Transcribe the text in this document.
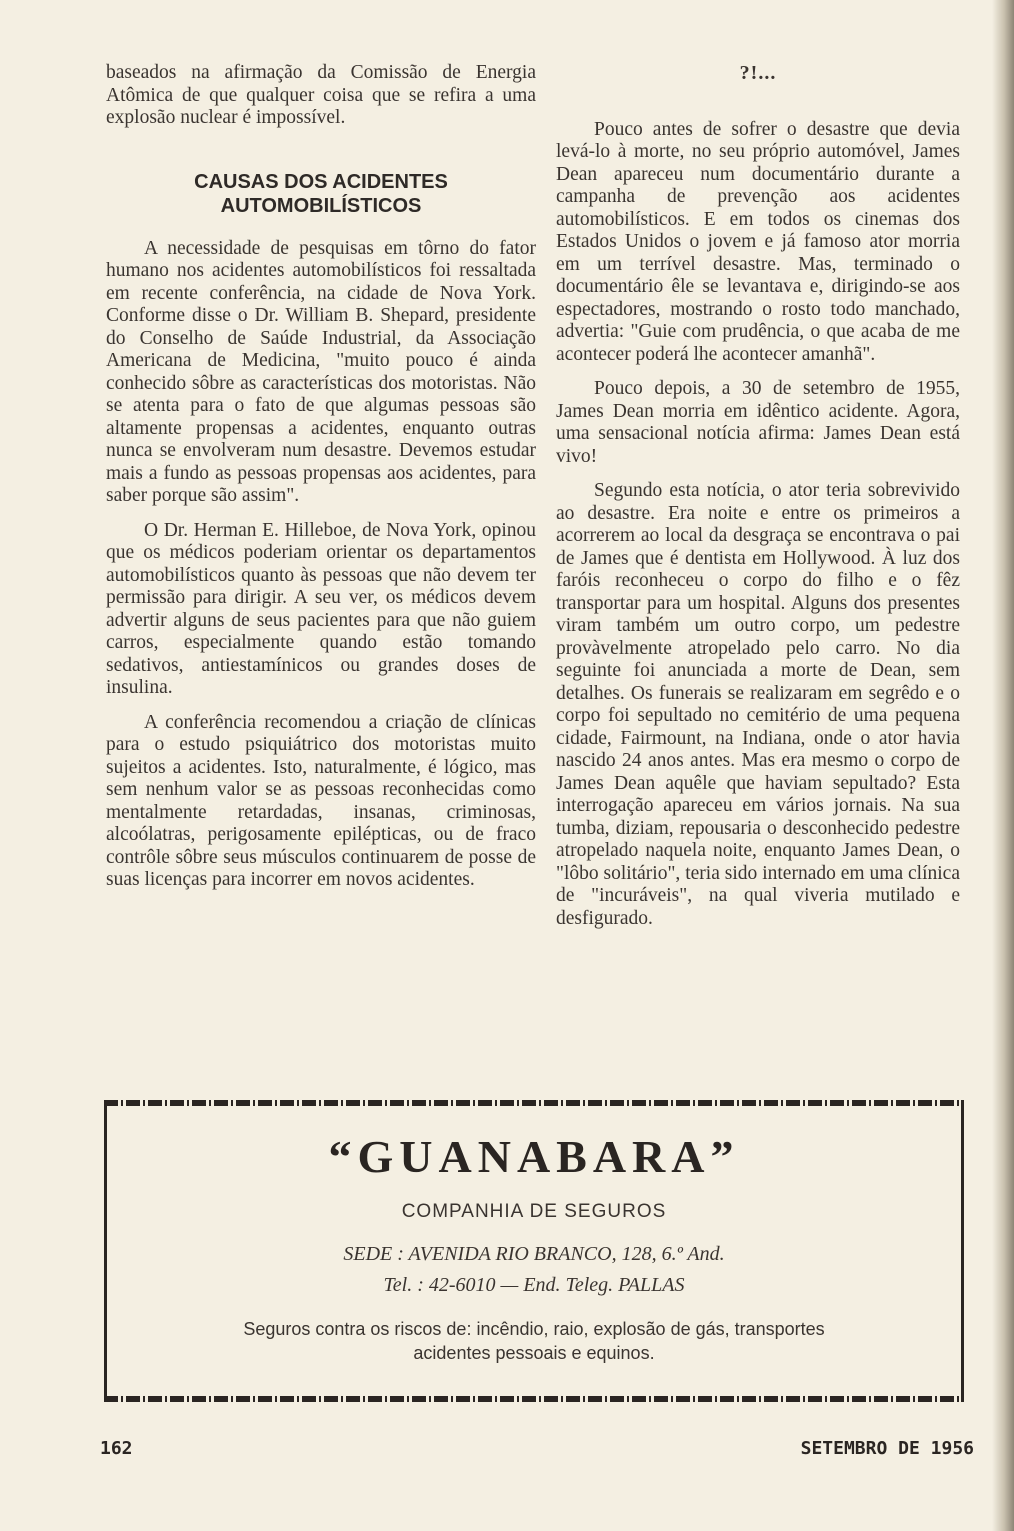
baseados na afirmação da Comissão de Energia Atômica de que qualquer coisa que se refira a uma explosão nuclear é impossível.

CAUSAS DOS ACIDENTES AUTOMOBILÍSTICOS

A necessidade de pesquisas em tôrno do fator humano nos acidentes automobilísticos foi ressaltada em recente conferência, na cidade de Nova York. Conforme disse o Dr. William B. Shepard, presidente do Conselho de Saúde Industrial, da Associação Americana de Medicina, "muito pouco é ainda conhecido sôbre as características dos motoristas. Não se atenta para o fato de que algumas pessoas são altamente propensas a acidentes, enquanto outras nunca se envolveram num desastre. Devemos estudar mais a fundo as pessoas propensas aos acidentes, para saber porque são assim".

O Dr. Herman E. Hilleboe, de Nova York, opinou que os médicos poderiam orientar os departamentos automobilísticos quanto às pessoas que não devem ter permissão para dirigir. A seu ver, os médicos devem advertir alguns de seus pacientes para que não guiem carros, especialmente quando estão tomando sedativos, antiestamínicos ou grandes doses de insulina.

A conferência recomendou a criação de clínicas para o estudo psiquiátrico dos motoristas muito sujeitos a acidentes. Isto, naturalmente, é lógico, mas sem nenhum valor se as pessoas reconhecidas como mentalmente retardadas, insanas, criminosas, alcoólatras, perigosamente epilépticas, ou de fraco contrôle sôbre seus músculos continuarem de posse de suas licenças para incorrer em novos acidentes.

?!...

Pouco antes de sofrer o desastre que devia levá-lo à morte, no seu próprio automóvel, James Dean apareceu num documentário durante a campanha de prevenção aos acidentes automobilísticos. E em todos os cinemas dos Estados Unidos o jovem e já famoso ator morria em um terrível desastre. Mas, terminado o documentário êle se levantava e, dirigindo-se aos espectadores, mostrando o rosto todo manchado, advertia: "Guie com prudência, o que acaba de me acontecer poderá lhe acontecer amanhã".

Pouco depois, a 30 de setembro de 1955, James Dean morria em idêntico acidente. Agora, uma sensacional notícia afirma: James Dean está vivo!

Segundo esta notícia, o ator teria sobrevivido ao desastre. Era noite e entre os primeiros a acorrerem ao local da desgraça se encontrava o pai de James que é dentista em Hollywood. À luz dos faróis reconheceu o corpo do filho e o fêz transportar para um hospital. Alguns dos presentes viram também um outro corpo, um pedestre provàvelmente atropelado pelo carro. No dia seguinte foi anunciada a morte de Dean, sem detalhes. Os funerais se realizaram em segrêdo e o corpo foi sepultado no cemitério de uma pequena cidade, Fairmount, na Indiana, onde o ator havia nascido 24 anos antes. Mas era mesmo o corpo de James Dean aquêle que haviam sepultado? Esta interrogação apareceu em vários jornais. Na sua tumba, diziam, repousaria o desconhecido pedestre atropelado naquela noite, enquanto James Dean, o "lôbo solitário", teria sido internado em uma clínica de "incuráveis", na qual viveria mutilado e desfigurado.

“GUANABARA”
COMPANHIA DE SEGUROS
SEDE : AVENIDA RIO BRANCO, 128, 6.º And.
Tel. : 42-6010 — End. Teleg. PALLAS
Seguros contra os riscos de: incêndio, raio, explosão de gás, transportes
acidentes pessoais e equinos.
162	SETEMBRO DE 1956
